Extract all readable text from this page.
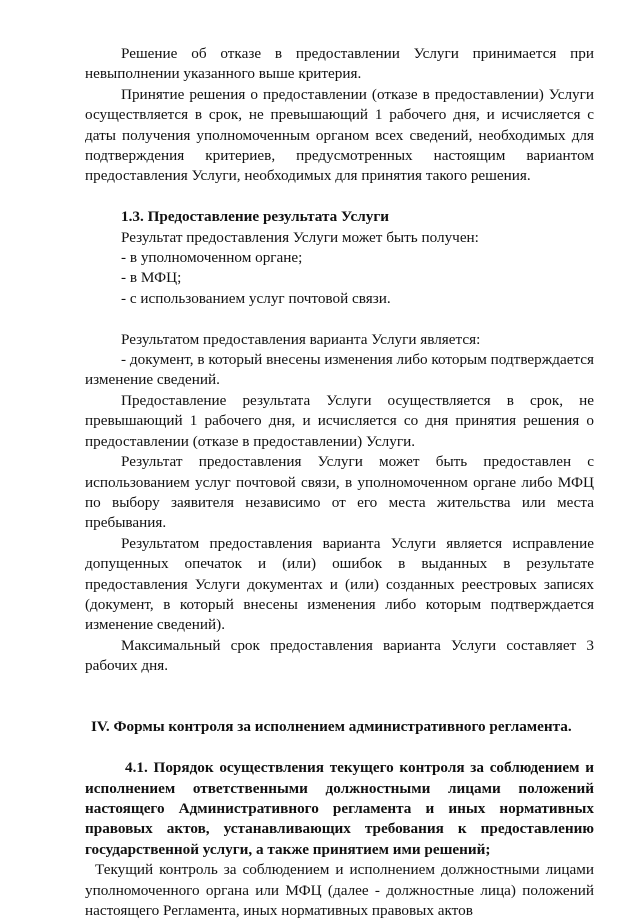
Решение об отказе в предоставлении Услуги принимается при невыполнении указанного выше критерия.

Принятие решения о предоставлении (отказе в предоставлении) Услуги осуществляется в срок, не превышающий 1 рабочего дня, и исчисляется с даты получения уполномоченным органом всех сведений, необходимых для подтверждения критериев, предусмотренных настоящим вариантом предоставления Услуги, необходимых для принятия такого решения.

1.3. Предоставление результата Услуги

Результат предоставления Услуги может быть получен:

- в уполномоченном органе;

- в МФЦ;

- с использованием услуг почтовой связи.

Результатом предоставления варианта Услуги является:

- документ, в который внесены изменения либо которым подтверждается изменение сведений.

Предоставление результата Услуги осуществляется в срок, не превышающий 1 рабочего дня, и исчисляется со дня принятия решения о предоставлении (отказе в предоставлении) Услуги.

Результат предоставления Услуги может быть предоставлен с использованием услуг почтовой связи, в уполномоченном органе либо МФЦ по выбору заявителя независимо от его места жительства или места пребывания.

Результатом предоставления варианта Услуги является исправление допущенных опечаток и (или) ошибок в выданных в результате предоставления Услуги документах и (или) созданных реестровых записях (документ, в который внесены изменения либо которым подтверждается изменение сведений).

Максимальный срок предоставления варианта Услуги составляет 3 рабочих дня.

IV. Формы контроля за исполнением административного регламента.

4.1. Порядок осуществления текущего контроля за соблюдением и исполнением ответственными должностными лицами положений настоящего Административного регламента и иных нормативных правовых актов, устанавливающих требования к предоставлению государственной услуги, а также принятием ими решений;

Текущий контроль за соблюдением и исполнением должностными лицами уполномоченного органа или МФЦ (далее - должностные лица) положений настоящего Регламента, иных нормативных правовых актов
